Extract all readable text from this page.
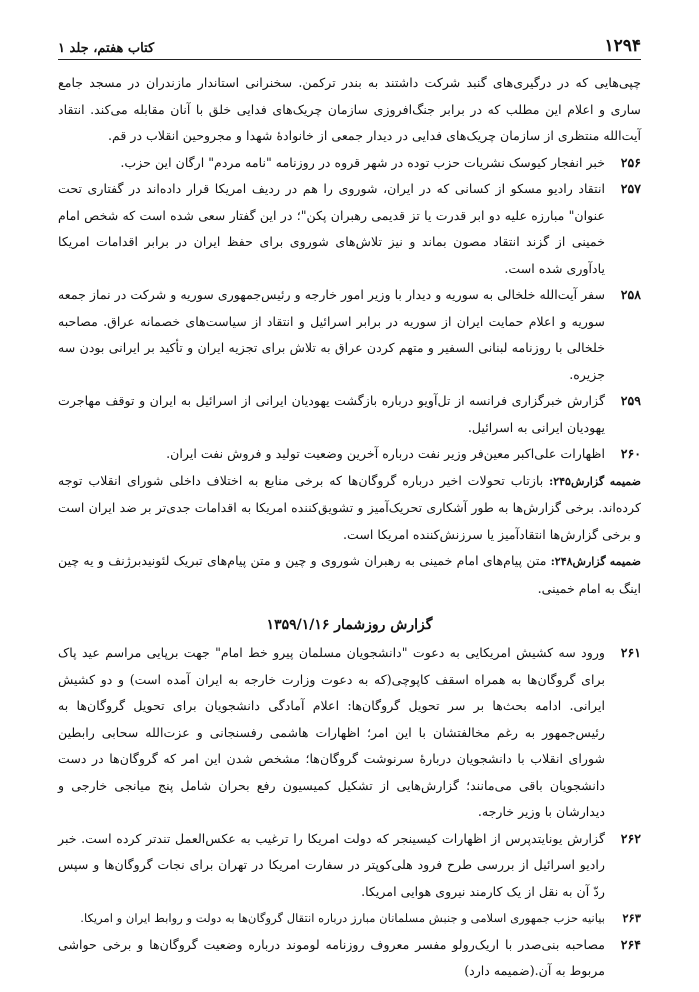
۱۲۹۴
کتاب هفتم، جلد ۱
چپی‌هایی که در درگیری‌های گنبد شرکت داشتند به بندر ترکمن. سخنرانی استاندار مازندران در مسجد جامع ساری و اعلام این مطلب که در برابر جنگ‌افروزی سازمان چریک‌های فدایی خلق با آنان مقابله می‌کند. انتقاد آیت‌الله منتظری از سازمان چریک‌های فدایی در دیدار جمعی از خانوادهٔ شهدا و مجروحین انقلاب در قم.
۲۵۶
خبر انفجار کیوسک نشریات حزب توده در شهر قروه در روزنامه "نامه مردم" ارگان این حزب.
۲۵۷
انتقاد رادیو مسکو از کسانی که در ایران، شوروی را هم در ردیف امریکا قرار داده‌اند در گفتاری تحت عنوان" مبارزه علیه دو ابر قدرت یا تز قدیمی رهبران پکن"؛ در این گفتار سعی شده است که شخص امام خمینی از گزند انتقاد مصون بماند و نیز تلاش‌های شوروی برای حفظ ایران در برابر اقدامات امریکا یادآوری شده است.
۲۵۸
سفر آیت‌الله خلخالی به سوریه و دیدار با وزیر امور خارجه و رئیس‌جمهوری سوریه و شرکت در نماز جمعه سوریه و اعلام حمایت ایران از سوریه در برابر اسرائیل و انتقاد از سیاست‌های خصمانه عراق. مصاحبه خلخالی با روزنامه لبنانی السفیر و متهم کردن عراق به تلاش برای تجزیه ایران و تأکید بر ایرانی بودن سه جزیره.
۲۵۹
گزارش خبرگزاری فرانسه از تل‌آویو درباره بازگشت یهودیان ایرانی از اسرائیل به ایران و توقف مهاجرت یهودیان ایرانی به اسرائیل.
۲۶۰
اظهارات علی‌اکبر معین‌فر وزیر نفت درباره آخرین وضعیت تولید و فروش نفت ایران.
ضمیمه گزارش۲۴۵: بازتاب تحولات اخیر درباره گروگان‌ها که برخی منابع به اختلاف داخلی شورای انقلاب توجه کرده‌اند. برخی گزارش‌ها به طور آشکاری تحریک‌آمیز و تشویق‌کننده امریکا به اقدامات جدی‌تر بر ضد ایران است و برخی گزارش‌ها انتقادآمیز یا سرزنش‌کننده امریکا است.
ضمیمه گزارش۲۴۸: متن پیام‌های امام خمینی به رهبران شوروی و چین و متن پیام‌های تبریک لئونیدبرژنف و یه چین اینگ به امام خمینی.
گزارش روزشمار ۱۳۵۹/۱/۱۶
۲۶۱
ورود سه کشیش امریکایی به دعوت "دانشجویان مسلمان پیرو خط امام" جهت برپایی مراسم عید پاک برای گروگان‌ها به همراه اسقف کاپوچی(که به دعوت وزارت خارجه به ایران آمده است) و دو کشیش ایرانی. ادامه بحث‌ها بر سر تحویل گروگان‌ها: اعلام آمادگی دانشجویان برای تحویل گروگان‌ها به رئیس‌جمهور به رغم مخالفتشان با این امر؛ اظهارات هاشمی رفسنجانی و عزت‌الله سحابی رابطین شورای انقلاب با دانشجویان دربارهٔ سرنوشت گروگان‌ها؛ مشخص شدن این امر که گروگان‌ها در دست دانشجویان باقی می‌مانند؛ گزارش‌هایی از تشکیل کمیسیون رفع بحران شامل پنج میانجی خارجی و دیدارشان با وزیر خارجه.
۲۶۲
گزارش یونایتدپرس از اظهارات کیسینجر که دولت امریکا را ترغیب به عکس‌العمل تندتر کرده است. خبر رادیو اسرائیل از بررسی طرح فرود هلی‌کوپتر در سفارت امریکا در تهران برای نجات گروگان‌ها و سپس ردّ آن به نقل از یک کارمند نیروی هوایی امریکا.
۲۶۳
بیانیه حزب جمهوری اسلامی و جنبش مسلمانان مبارز درباره انتقال گروگان‌ها به دولت و روابط ایران و امریکا.
۲۶۴
مصاحبه بنی‌صدر با اریک‌رولو مفسر معروف روزنامه لوموند درباره وضعیت گروگان‌ها و برخی حواشی مربوط به آن.(ضمیمه دارد)
